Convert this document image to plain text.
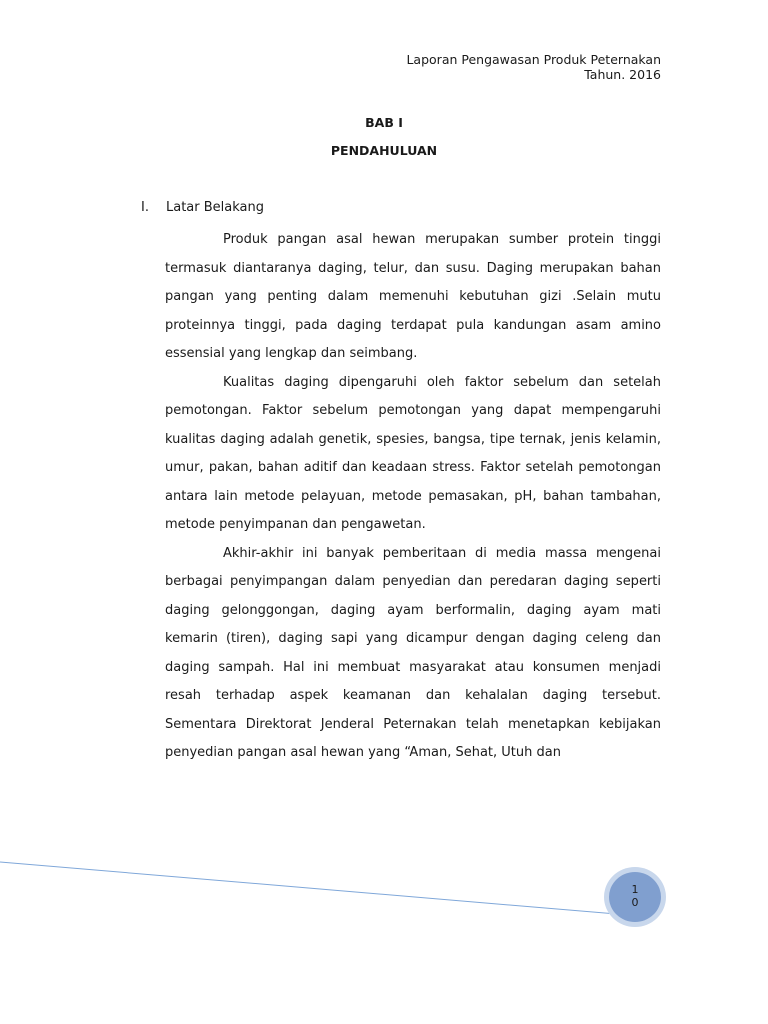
Laporan Pengawasan Produk Peternakan
Tahun. 2016
BAB I
PENDAHULUAN
I. Latar Belakang

Produk pangan asal hewan merupakan sumber protein tinggi termasuk diantaranya daging, telur, dan susu. Daging merupakan bahan pangan yang penting dalam memenuhi kebutuhan gizi .Selain mutu proteinnya tinggi, pada daging terdapat pula kandungan asam amino essensial yang lengkap dan seimbang.

Kualitas daging dipengaruhi oleh faktor sebelum dan setelah pemotongan. Faktor sebelum pemotongan yang dapat mempengaruhi kualitas daging adalah genetik, spesies, bangsa, tipe ternak, jenis kelamin, umur, pakan, bahan aditif dan keadaan stress. Faktor setelah pemotongan antara lain metode pelayuan, metode pemasakan, pH, bahan tambahan, metode penyimpanan dan pengawetan.

Akhir-akhir ini banyak pemberitaan di media massa mengenai berbagai penyimpangan dalam penyedian dan peredaran daging seperti daging gelonggongan, daging ayam berformalin, daging ayam mati kemarin (tiren), daging sapi yang dicampur dengan daging celeng dan daging sampah. Hal ini membuat masyarakat atau konsumen menjadi resah terhadap aspek keamanan dan kehalalan daging tersebut. Sementara Direktorat Jenderal Peternakan telah menetapkan kebijakan penyedian pangan asal hewan yang “Aman, Sehat, Utuh dan

1
0
